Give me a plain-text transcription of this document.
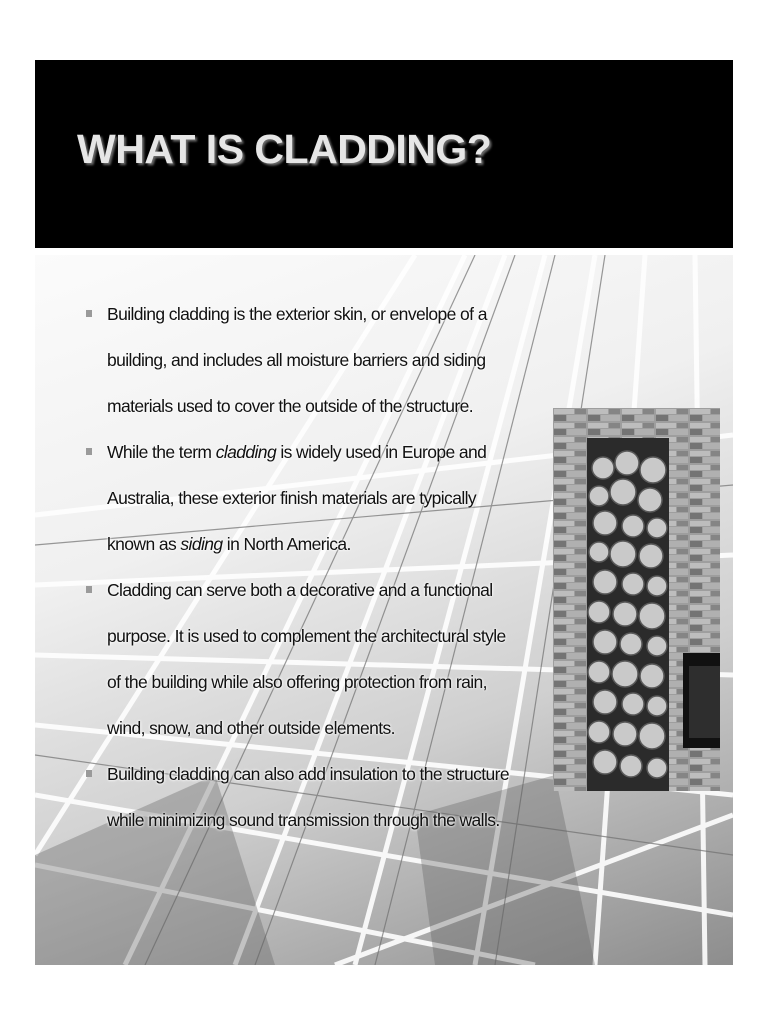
WHAT IS CLADDING?
Building cladding is the exterior skin, or envelope of a building, and includes all moisture barriers and siding materials used to cover the outside of the structure.
While the term cladding is widely used in Europe and Australia, these exterior finish materials are typically known as siding in North America.
Cladding can serve both a decorative and a functional purpose. It is used to complement the architectural style of the building while also offering protection from rain, wind, snow, and other outside elements.
Building cladding can also add insulation to the structure while minimizing sound transmission through the walls.
